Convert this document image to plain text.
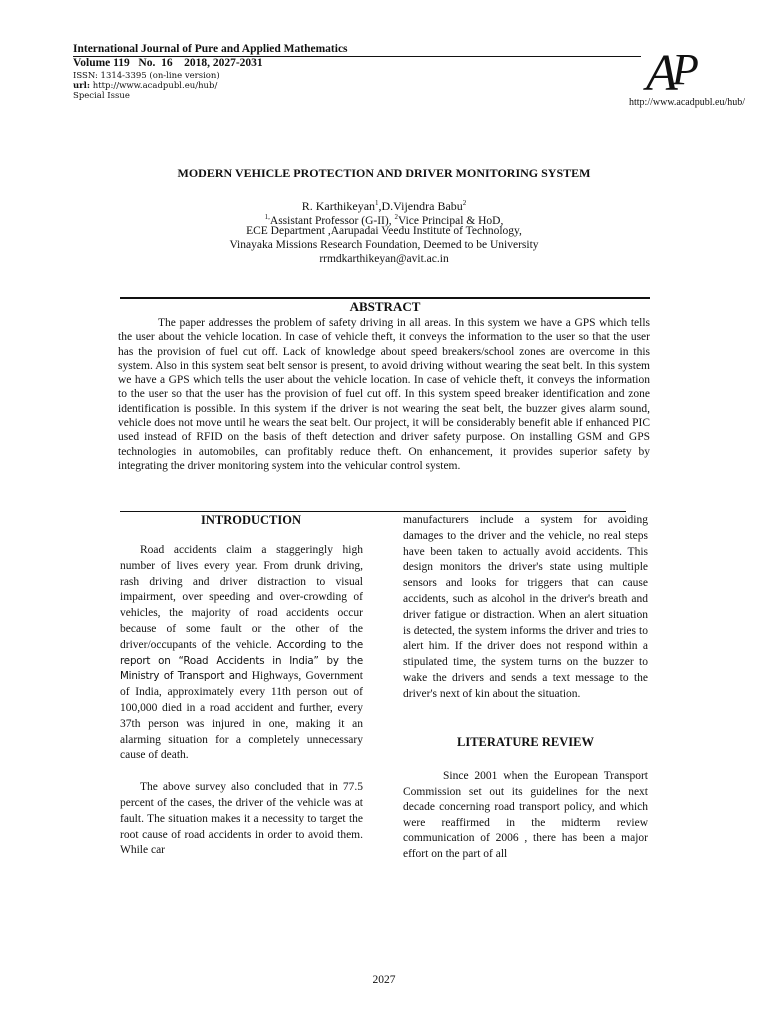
International Journal of Pure and Applied Mathematics
Volume 119   No.  16    2018, 2027-2031
ISSN: 1314-3395 (on-line version)
url: http://www.acadpubl.eu/hub/
Special Issue	A
P
http://www.acadpubl.eu/hub/
MODERN VEHICLE PROTECTION AND DRIVER MONITORING SYSTEM
R. Karthikeyan$^1$,D.Vijendra Babu$^2$
$^{1,}$Assistant Professor (G-II), $^2$Vice Principal & HoD,
ECE Department ,Aarupadai Veedu Institute of Technology,
Vinayaka Missions Research Foundation, Deemed to be University
rrmdkarthikeyan@avit.ac.in
ABSTRACT
The paper addresses the problem of safety driving in all areas. In this system we have a GPS which tells the user about the vehicle location. In case of vehicle theft, it conveys the information to the user so that the user has the provision of fuel cut off. Lack of knowledge about speed breakers/school zones are overcome in this system. Also in this system seat belt sensor is present, to avoid driving without wearing the seat belt. In this system we have a GPS which tells the user about the vehicle location. In case of vehicle theft, it conveys the information to the user so that the user has the provision of fuel cut off. In this system speed breaker identification and zone identification is possible. In this system if the driver is not wearing the seat belt, the buzzer gives alarm sound, vehicle does not move until he wears the seat belt. Our project, it will be considerably benefit able if enhanced PIC used instead of RFID on the basis of theft detection and driver safety purpose. On installing GSM and GPS technologies in automobiles, can profitably reduce theft. On enhancement, it provides superior safety by integrating the driver monitoring system into the vehicular control system.
INTRODUCTION

Road accidents claim a staggeringly high number of lives every year. From drunk driving, rash driving and driver distraction to visual impairment, over speeding and over-crowding of vehicles, the majority of road accidents occur because of some fault or the other of the driver/occupants of the vehicle. According to the report on “Road Accidents in India” by the Ministry of Transport and Highways, Government of India, approximately every 11th person out of 100,000 died in a road accident and further, every 37th person was injured in one, making it an alarming situation for a completely unnecessary cause of death.

The above survey also concluded that in 77.5 percent of the cases, the driver of the vehicle was at fault. The situation makes it a necessity to target the root cause of road accidents in order to avoid them. While car

manufacturers include a system for avoiding damages to the driver and the vehicle, no real steps have been taken to actually avoid accidents. This design monitors the driver's state using multiple sensors and looks for triggers that can cause accidents, such as alcohol in the driver's breath and driver fatigue or distraction. When an alert situation is detected, the system informs the driver and tries to alert him. If the driver does not respond within a stipulated time, the system turns on the buzzer to wake the drivers and sends a text message to the driver's next of kin about the situation.

LITERATURE REVIEW

Since 2001 when the European Transport Commission set out its guidelines for the next decade concerning road transport policy, and which were reaffirmed in the midterm review communication of 2006 , there has been a major effort on the part of all

2027
